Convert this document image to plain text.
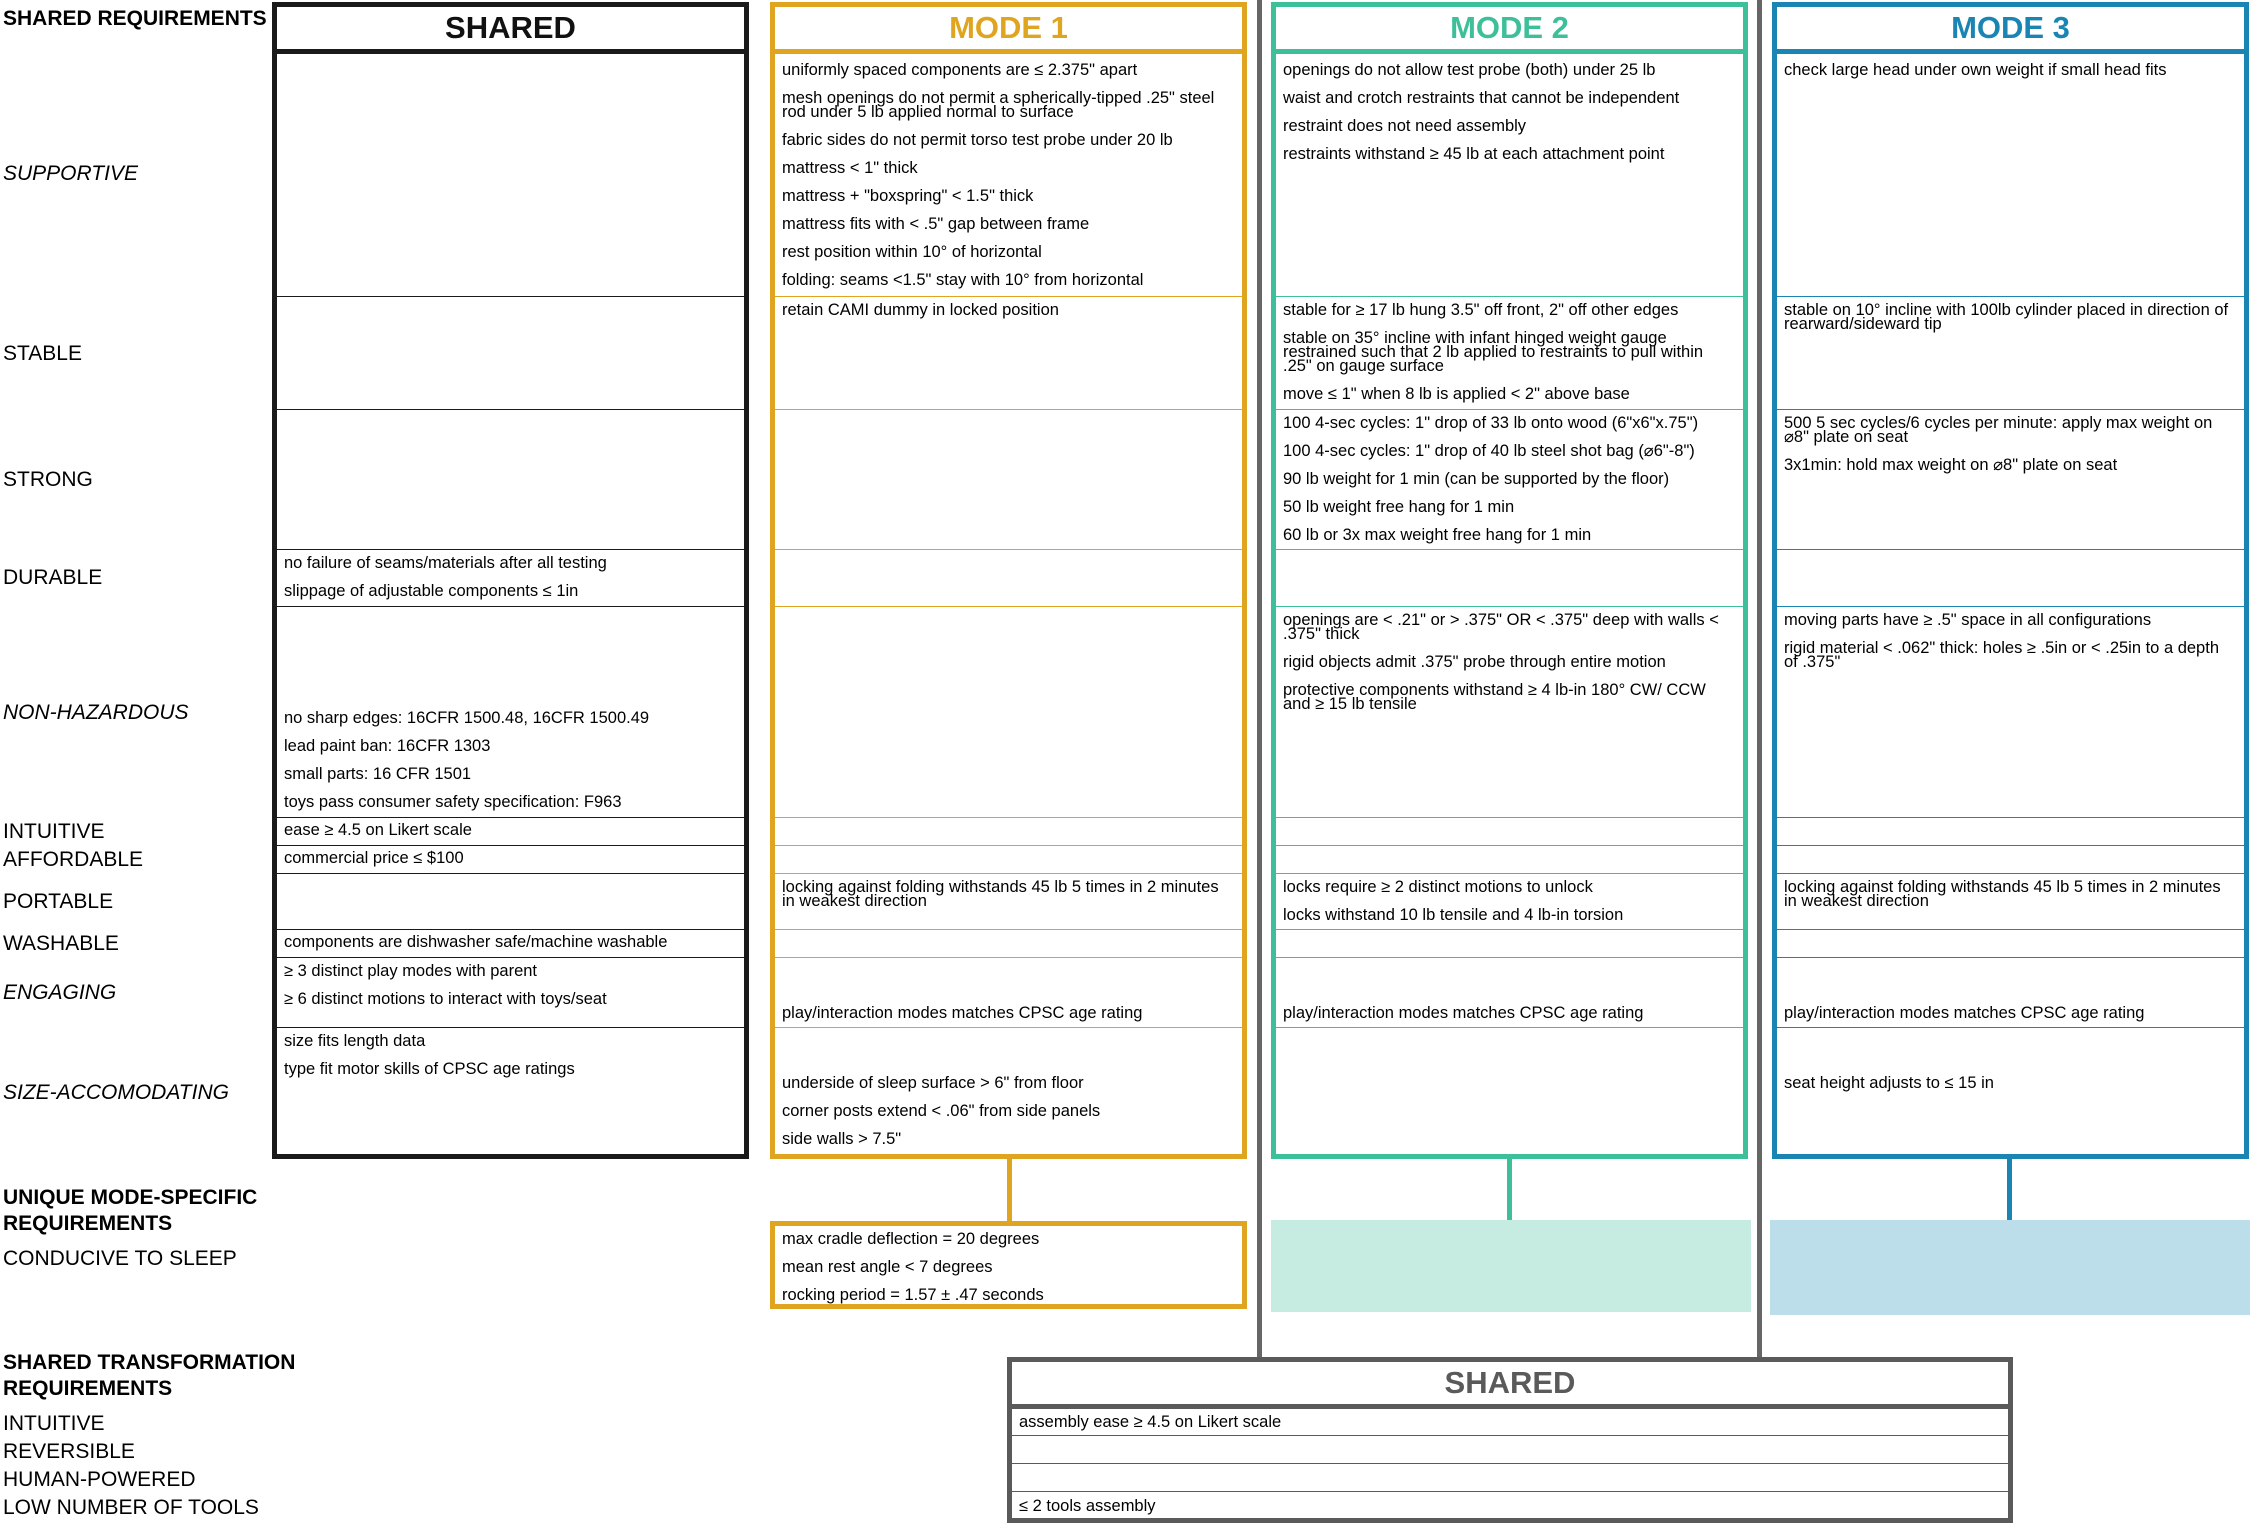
SHARED REQUIREMENTS
SUPPORTIVE
STABLE
STRONG
DURABLE
NON-HAZARDOUS
INTUITIVE
AFFORDABLE
PORTABLE
WASHABLE
ENGAGING
SIZE-ACCOMODATING
UNIQUE MODE-SPECIFIC REQUIREMENTS
CONDUCIVE TO SLEEP
SHARED TRANSFORMATION REQUIREMENTS
INTUITIVE
REVERSIBLE
HUMAN-POWERED
LOW NUMBER OF TOOLS
SHARED
no failure of seams/materials after all testing
slippage of adjustable components ≤ 1in
no sharp edges: 16CFR 1500.48, 16CFR 1500.49
lead paint ban: 16CFR 1303
small parts: 16 CFR 1501
toys pass consumer safety specification: F963
ease ≥ 4.5 on Likert scale
commercial price ≤ $100
components are dishwasher safe/machine washable
≥ 3 distinct play modes with parent
≥ 6 distinct motions to interact with toys/seat
size fits length data
type fit motor skills of CPSC age ratings
MODE 1
uniformly spaced components are ≤ 2.375" apart
mesh openings do not permit a spherically-tipped .25" steel rod under 5 lb applied normal to surface
fabric sides do not permit torso test probe under 20 lb
mattress < 1" thick
mattress + "boxspring" < 1.5" thick
mattress fits with < .5" gap between frame
rest position within 10° of horizontal
folding: seams <1.5" stay with 10° from horizontal
retain CAMI dummy in locked position
locking against folding withstands 45 lb 5 times in 2 minutes in weakest direction
play/interaction modes matches CPSC age rating
underside of sleep surface > 6" from floor
corner posts extend < .06" from side panels
side walls > 7.5"
max cradle deflection = 20 degrees
mean rest angle < 7 degrees
rocking period = 1.57 ± .47 seconds
MODE 2
openings do not allow test probe (both) under 25 lb
waist and crotch restraints that cannot be independent
restraint does not need assembly
restraints withstand ≥ 45 lb at each attachment point
stable for ≥ 17 lb hung 3.5" off front, 2" off other edges
stable on 35° incline with infant hinged weight gauge restrained such that 2 lb applied to restraints to pull within .25" on gauge surface
move ≤ 1" when 8 lb is applied < 2" above base
100 4-sec cycles: 1" drop of 33 lb onto wood (6"x6"x.75")
100 4-sec cycles: 1" drop of 40 lb steel shot bag (⌀6"-8")
90 lb weight for 1 min (can be supported by the floor)
50 lb weight free hang for 1 min
60 lb or 3x max weight free hang for 1 min
openings are < .21" or > .375" OR < .375" deep with walls < .375" thick
rigid objects admit .375" probe through entire motion
protective components withstand ≥ 4 lb-in 180° CW/ CCW and ≥ 15 lb tensile
locks require ≥ 2 distinct motions to unlock
locks withstand 10 lb tensile and 4 lb-in torsion
play/interaction modes matches CPSC age rating
MODE 3
check large head under own weight if small head fits
stable on 10° incline with 100lb cylinder placed in direction of rearward/sideward tip
500 5 sec cycles/6 cycles per minute: apply max weight on ⌀8" plate on seat
3x1min: hold max weight on ⌀8" plate on seat
moving parts have ≥ .5" space in all configurations
rigid material < .062" thick: holes ≥ .5in or < .25in to a depth of .375"
locking against folding withstands 45 lb 5 times in 2 minutes in weakest direction
play/interaction modes matches CPSC age rating
seat height adjusts to ≤ 15 in
SHARED
assembly ease ≥ 4.5 on Likert scale
≤ 2 tools assembly
